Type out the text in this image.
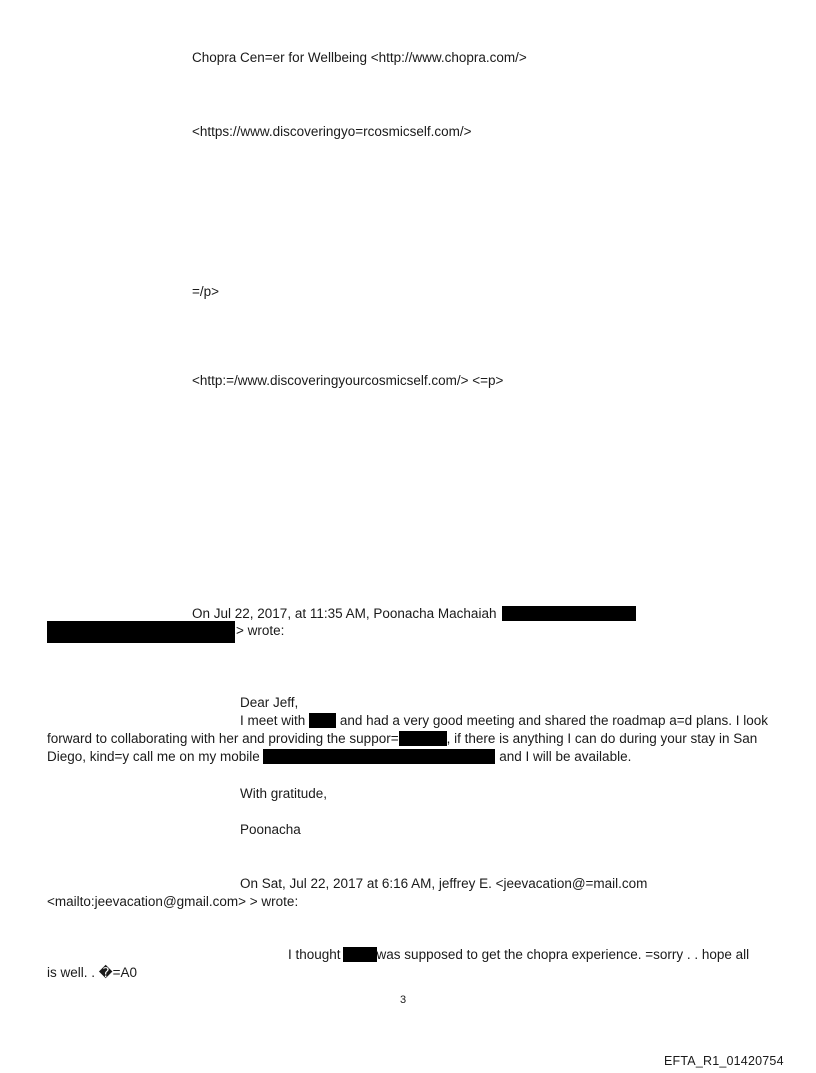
Chopra Cen=er for Wellbeing <http://www.chopra.com/>
<https://www.discoveringyo=rcosmicself.com/>
=/p>
<http:=/www.discoveringyourcosmicself.com/> <=p>
On Jul 22, 2017, at 11:35 AM, Poonacha Machaiah
> wrote:
Dear Jeff,
I meet with	and had a very good meeting and shared the roadmap a=d plans. I look
forward to collaborating with her and providing the suppor=	, if there is anything I can do during your stay in San
Diego, kind=y call me on my mobile	and I will be available.
With gratitude,
Poonacha
On Sat, Jul 22, 2017 at 6:16 AM, jeffrey E. <jeevacation@=mail.com
<mailto:jeevacation@gmail.com> > wrote:
I thought	was supposed to get the chopra experience. =sorry . . hope all
is well. . �=A0
3
EFTA_R1_01420754
